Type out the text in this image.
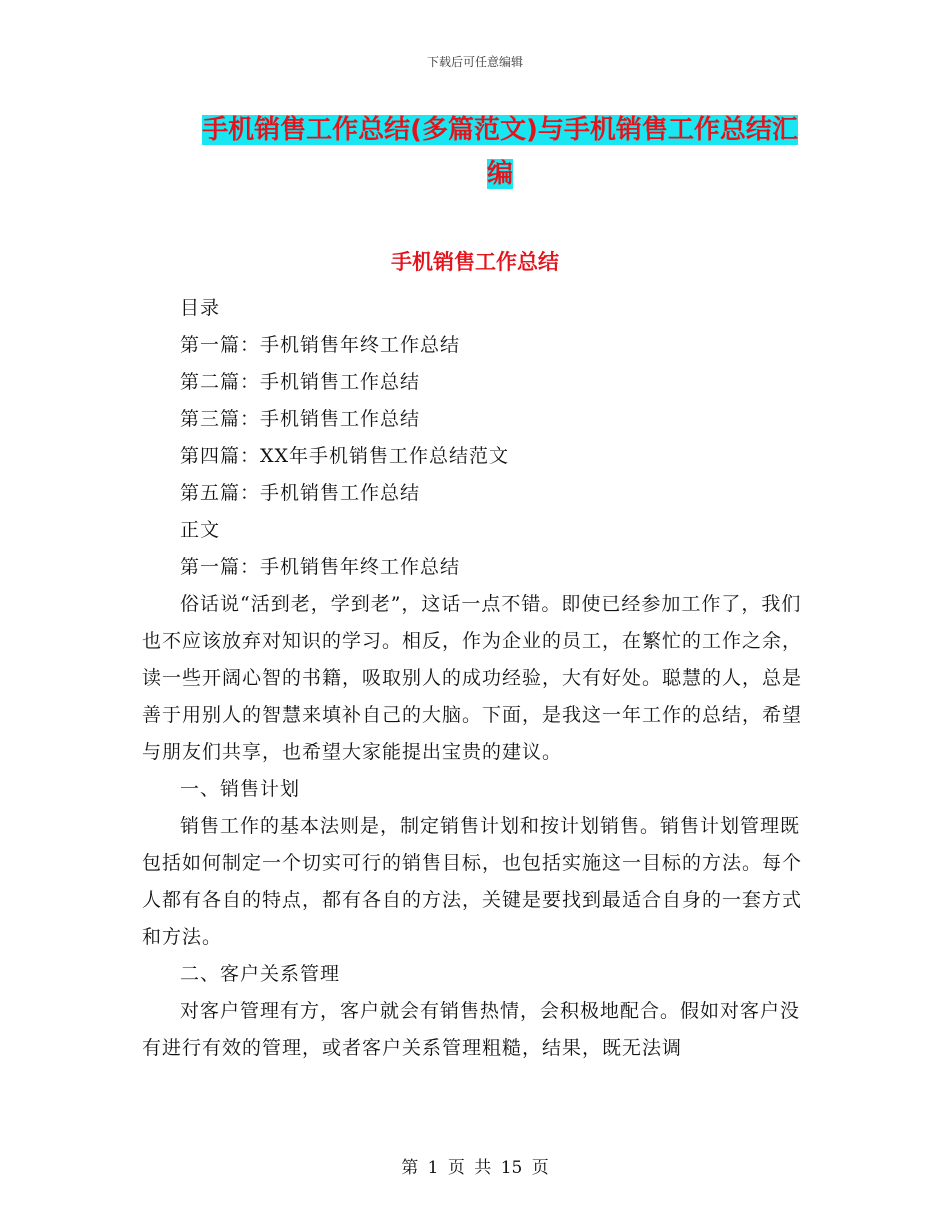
下载后可任意编辑
手机销售工作总结(多篇范文)与手机销售工作总结汇
编
手机销售工作总结

目录

第一篇：手机销售年终工作总结

第二篇：手机销售工作总结

第三篇：手机销售工作总结

第四篇：XX年手机销售工作总结范文

第五篇：手机销售工作总结

正文

第一篇：手机销售年终工作总结

俗话说“活到老，学到老”，这话一点不错。即使已经参加工作了，我们也不应该放弃对知识的学习。相反，作为企业的员工，在繁忙的工作之余，读一些开阔心智的书籍，吸取别人的成功经验，大有好处。聪慧的人，总是善于用别人的智慧来填补自己的大脑。下面，是我这一年工作的总结，希望与朋友们共享，也希望大家能提出宝贵的建议。

一、销售计划

销售工作的基本法则是，制定销售计划和按计划销售。销售计划管理既包括如何制定一个切实可行的销售目标，也包括实施这一目标的方法。每个人都有各自的特点，都有各自的方法，关键是要找到最适合自身的一套方式和方法。

二、客户关系管理

对客户管理有方，客户就会有销售热情，会积极地配合。假如对客户没有进行有效的管理，或者客户关系管理粗糙，结果，既无法调

第 1 页 共 15 页
